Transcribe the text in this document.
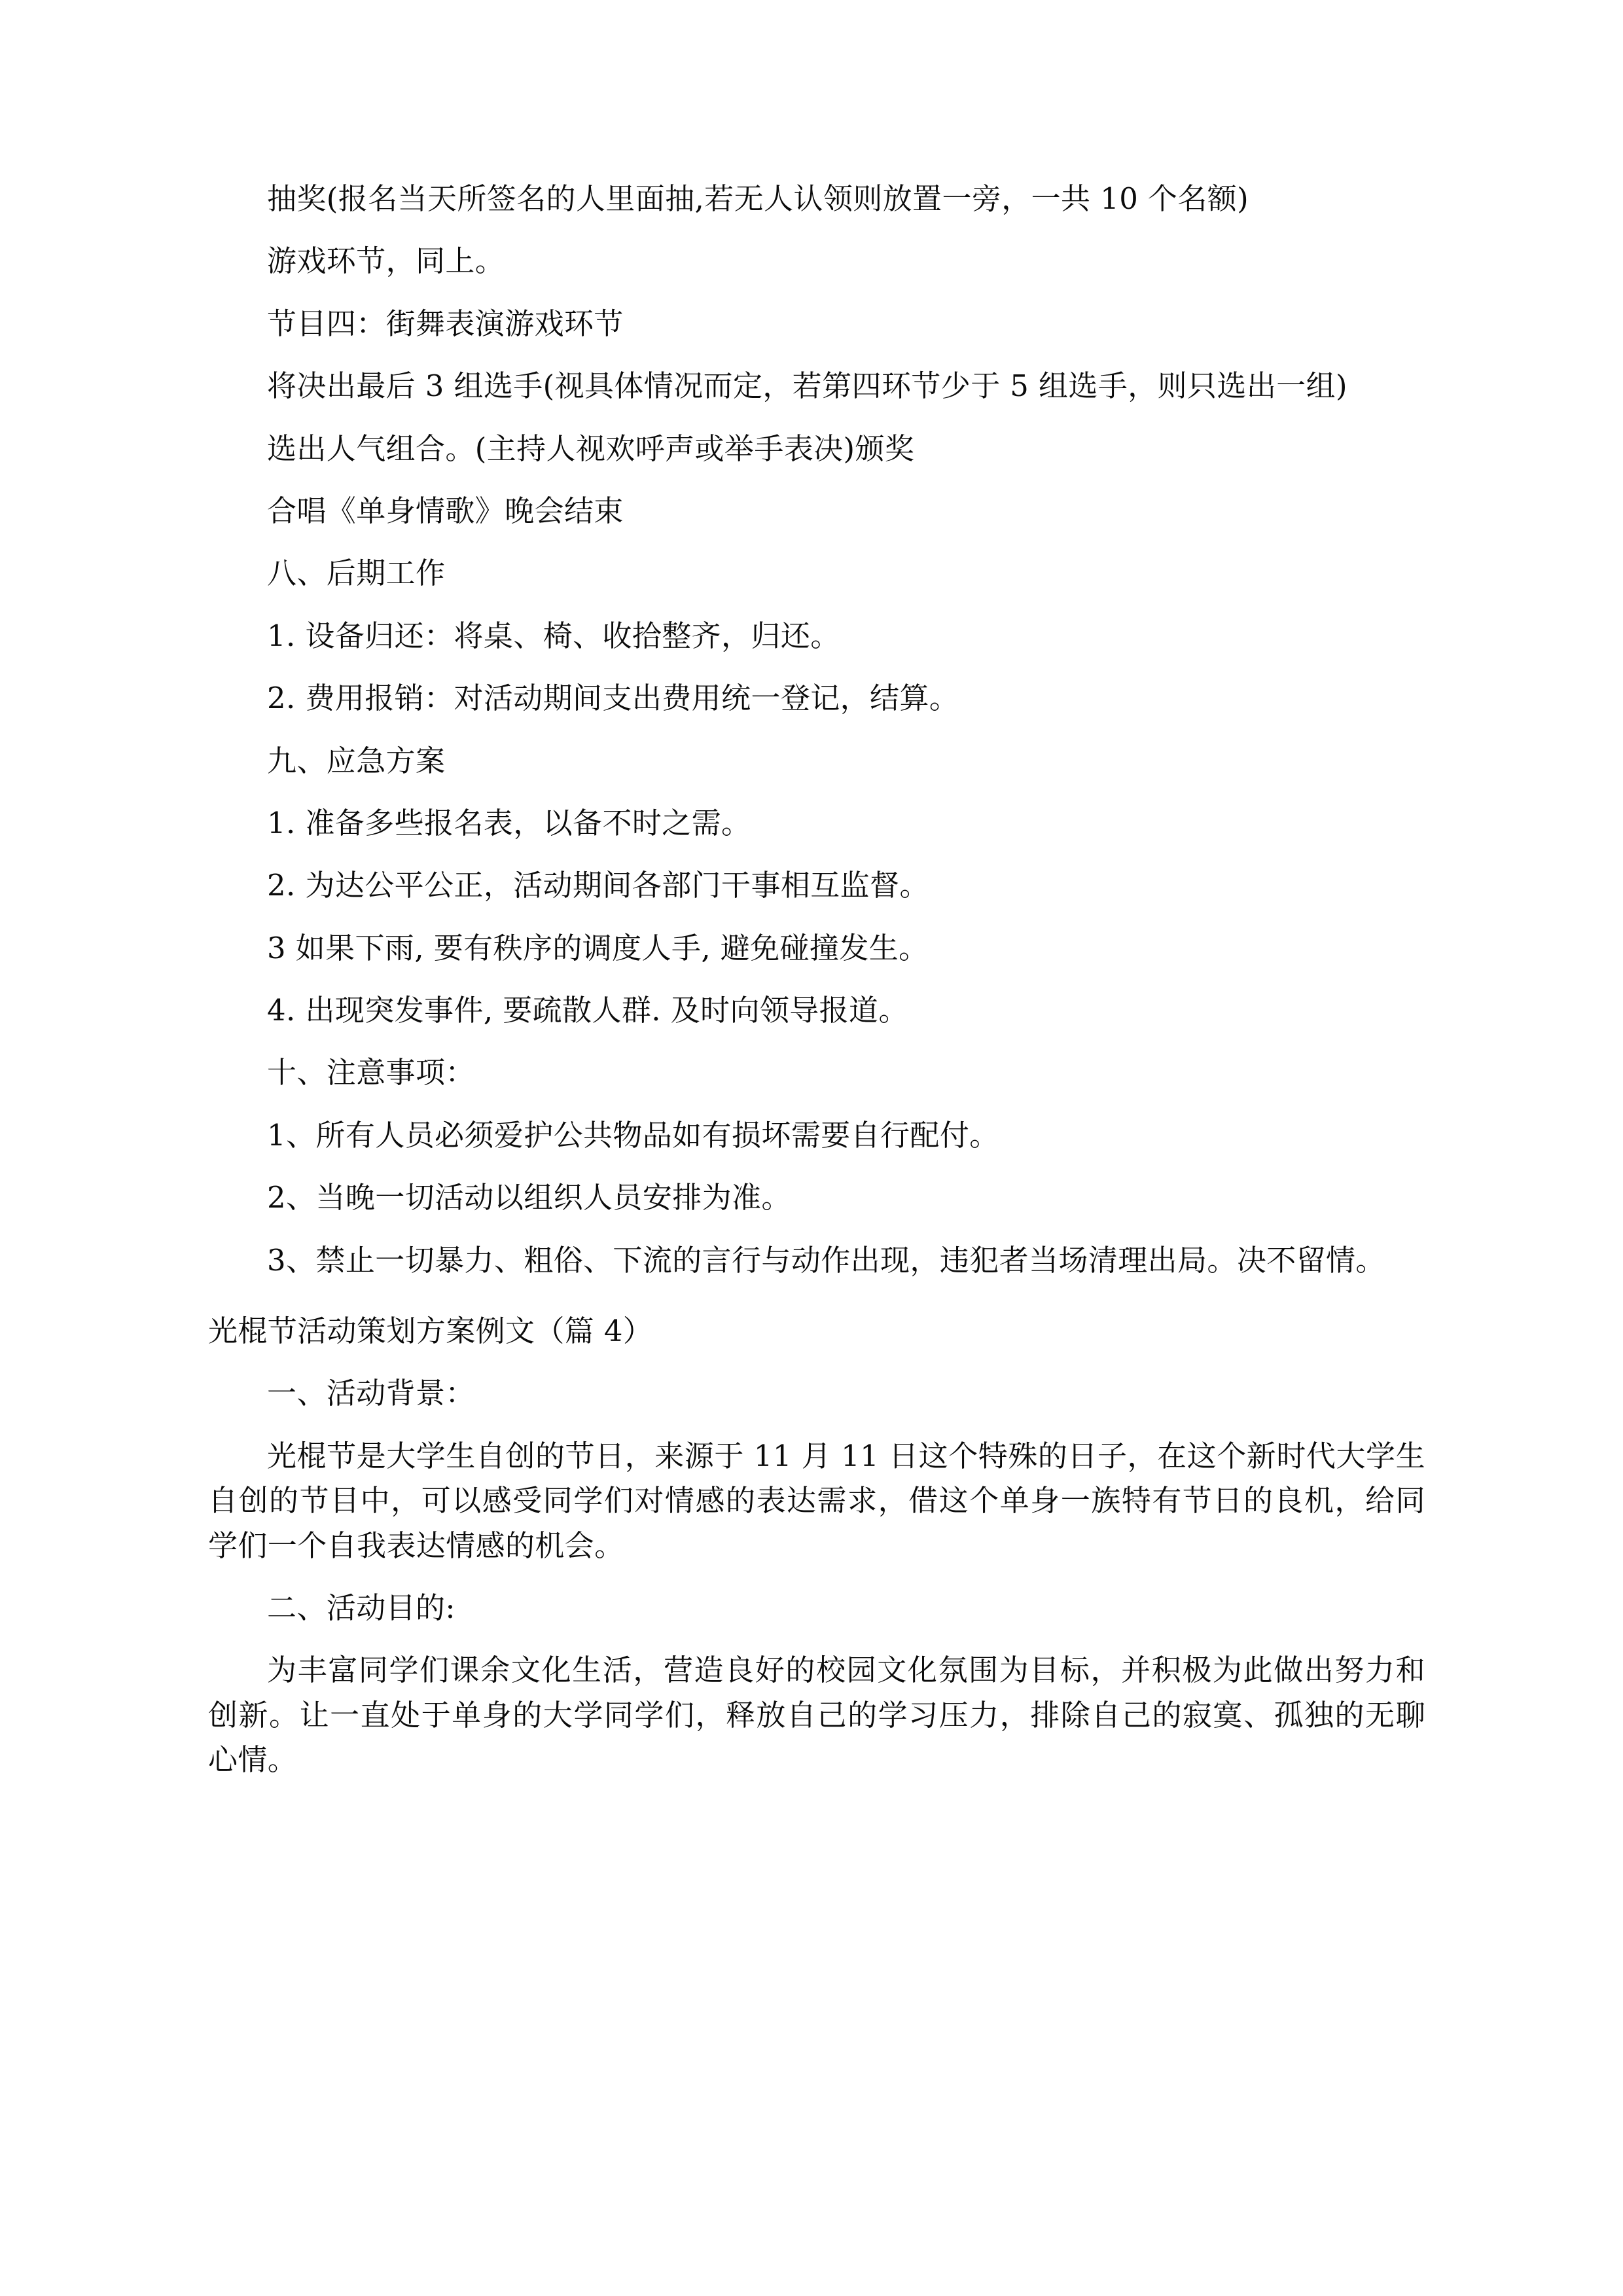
抽奖(报名当天所签名的人里面抽,若无人认领则放置一旁，一共 10 个名额)

游戏环节，同上。

节目四：街舞表演游戏环节

将决出最后 3 组选手(视具体情况而定，若第四环节少于 5 组选手，则只选出一组)

选出人气组合。(主持人视欢呼声或举手表决)颁奖

合唱《单身情歌》晚会结束

八、后期工作

1. 设备归还：将桌、椅、收拾整齐，归还。

2. 费用报销：对活动期间支出费用统一登记，结算。

九、应急方案

1. 准备多些报名表，以备不时之需。

2. 为达公平公正，活动期间各部门干事相互监督。

3 如果下雨, 要有秩序的调度人手, 避免碰撞发生。

4. 出现突发事件, 要疏散人群. 及时向领导报道。

十、注意事项：

1、所有人员必须爱护公共物品如有损坏需要自行配付。

2、当晚一切活动以组织人员安排为准。

3、禁止一切暴力、粗俗、下流的言行与动作出现，违犯者当场清理出局。决不留情。

光棍节活动策划方案例文（篇 4）

一、活动背景：

光棍节是大学生自创的节日，来源于 11 月 11 日这个特殊的日子，在这个新时代大学生自创的节目中，可以感受同学们对情感的表达需求，借这个单身一族特有节日的良机，给同学们一个自我表达情感的机会。

二、活动目的:

为丰富同学们课余文化生活，营造良好的校园文化氛围为目标，并积极为此做出努力和创新。让一直处于单身的大学同学们，释放自己的学习压力，排除自己的寂寞、孤独的无聊心情。
